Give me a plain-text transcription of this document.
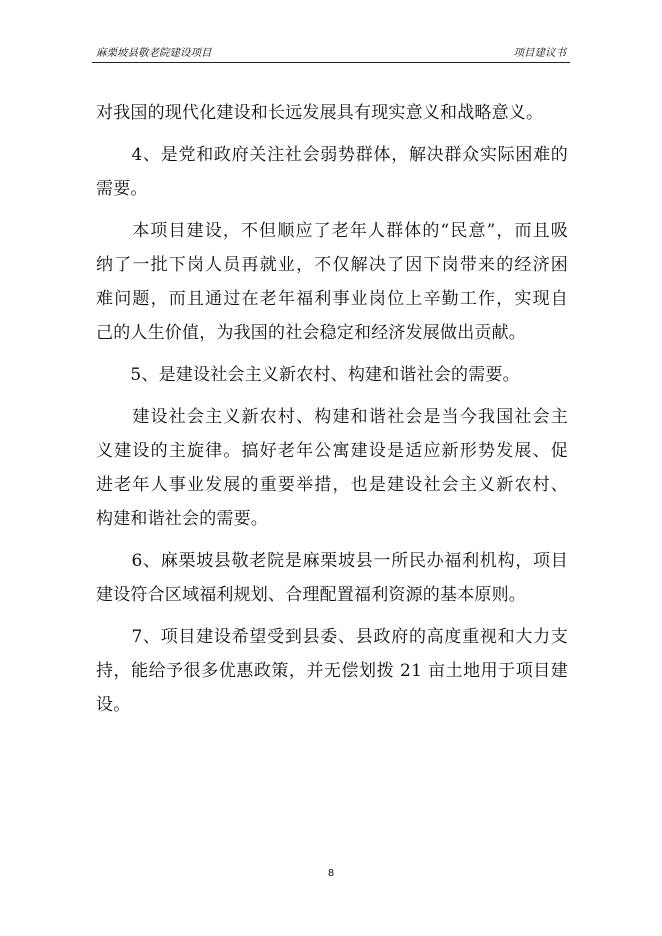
麻栗坡县敬老院建设项目	项目建议书
对我国的现代化建设和长远发展具有现实意义和战略意义。
　　4、是党和政府关注社会弱势群体，解决群众实际困难的
需要。
　　本项目建设，不但顺应了老年人群体的“民意”，而且吸
纳了一批下岗人员再就业，不仅解决了因下岗带来的经济困
难问题，而且通过在老年福利事业岗位上辛勤工作，实现自
己的人生价值，为我国的社会稳定和经济发展做出贡献。
　　5、是建设社会主义新农村、构建和谐社会的需要。
　　建设社会主义新农村、构建和谐社会是当今我国社会主
义建设的主旋律。搞好老年公寓建设是适应新形势发展、促
进老年人事业发展的重要举措，也是建设社会主义新农村、
构建和谐社会的需要。
　　6、麻栗坡县敬老院是麻栗坡县一所民办福利机构，项目
建设符合区域福利规划、合理配置福利资源的基本原则。
　　7、项目建设希望受到县委、县政府的高度重视和大力支
持，能给予很多优惠政策，并无偿划拨 21 亩土地用于项目建
设。
8
